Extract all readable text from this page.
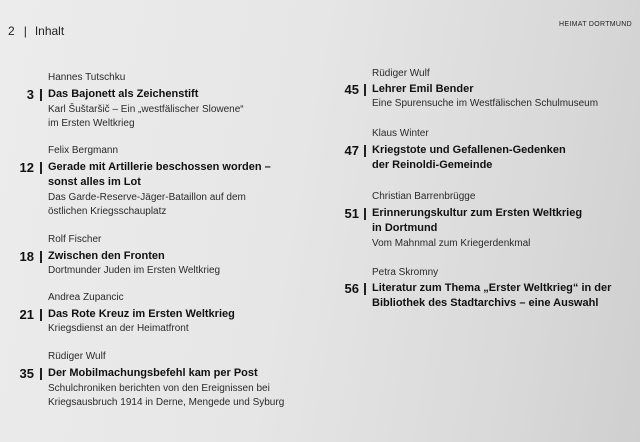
2 | Inhalt	HEIMAT DORTMUND
Hannes Tutschku
3 Das Bajonett als Zeichenstift
Karl Šuštaršič – Ein „westfälischer Slowene“
im Ersten Weltkrieg
Felix Bergmann
12 Gerade mit Artillerie beschossen worden –
sonst alles im Lot
Das Garde-Reserve-Jäger-Bataillon auf dem
östlichen Kriegsschauplatz
Rolf Fischer
18 Zwischen den Fronten
Dortmunder Juden im Ersten Weltkrieg
Andrea Zupancic
21 Das Rote Kreuz im Ersten Weltkrieg
Kriegsdienst an der Heimatfront
Rüdiger Wulf
35 Der Mobilmachungsbefehl kam per Post
Schulchroniken berichten von den Ereignissen bei
Kriegsausbruch 1914 in Derne, Mengede und Syburg
Rüdiger Wulf
45 Lehrer Emil Bender
Eine Spurensuche im Westfälischen Schulmuseum
Klaus Winter
47 Kriegstote und Gefallenen-Gedenken
der Reinoldi-Gemeinde
Christian Barrenbrügge
51 Erinnerungskultur zum Ersten Weltkrieg
in Dortmund
Vom Mahnmal zum Kriegerdenkmal
Petra Skromny
56 Literatur zum Thema „Erster Weltkrieg“ in der
Bibliothek des Stadtarchivs – eine Auswahl
